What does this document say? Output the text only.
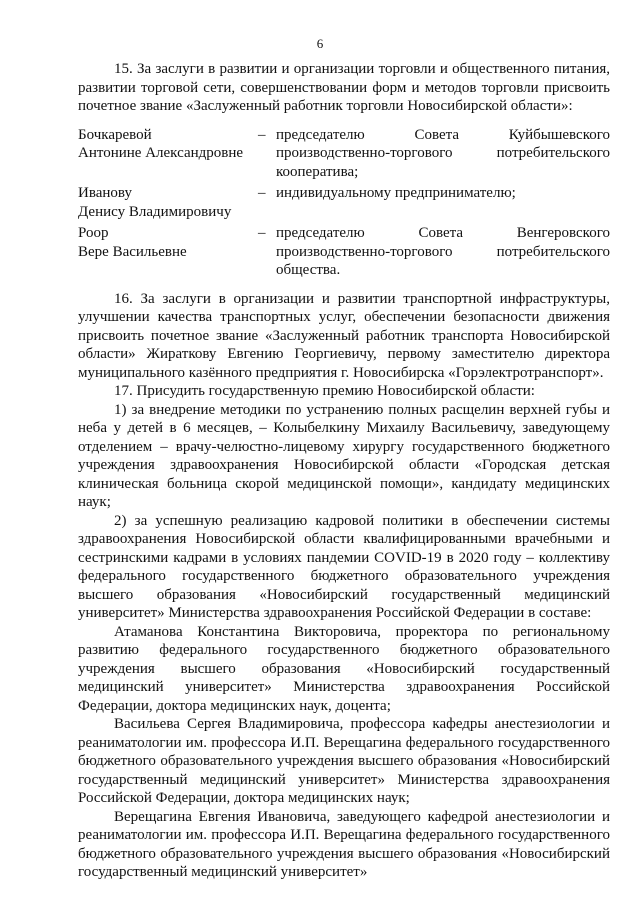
6

15. За заслуги в развитии и организации торговли и общественного питания, развитии торговой сети, совершенствовании форм и методов торговли присвоить почетное звание «Заслуженный работник торговли Новосибирской области»:

Бочкаревой
Антонине Александровне
– председателю Совета Куйбышевского производственно-торгового потребительского кооператива;
Иванову
Денису Владимировичу
– индивидуальному предпринимателю;
Роор
Вере Васильевне
– председателю Совета Венгеровского производственно-торгового потребительского общества.

16. За заслуги в организации и развитии транспортной инфраструктуры, улучшении качества транспортных услуг, обеспечении безопасности движения присвоить почетное звание «Заслуженный работник транспорта Новосибирской области» Жираткову Евгению Георгиевичу, первому заместителю директора муниципального казённого предприятия г. Новосибирска «Горэлектротранспорт».

17. Присудить государственную премию Новосибирской области:

1) за внедрение методики по устранению полных расщелин верхней губы и неба у детей в 6 месяцев, – Колыбелкину Михаилу Васильевичу, заведующему отделением – врачу-челюстно-лицевому хирургу государственного бюджетного учреждения здравоохранения Новосибирской области «Городская детская клиническая больница скорой медицинской помощи», кандидату медицинских наук;

2) за успешную реализацию кадровой политики в обеспечении системы здравоохранения Новосибирской области квалифицированными врачебными и сестринскими кадрами в условиях пандемии COVID-19 в 2020 году – коллективу федерального государственного бюджетного образовательного учреждения высшего образования «Новосибирский государственный медицинский университет» Министерства здравоохранения Российской Федерации в составе:

Атаманова Константина Викторовича, проректора по региональному развитию федерального государственного бюджетного образовательного учреждения высшего образования «Новосибирский государственный медицинский университет» Министерства здравоохранения Российской Федерации, доктора медицинских наук, доцента;

Васильева Сергея Владимировича, профессора кафедры анестезиологии и реаниматологии им. профессора И.П. Верещагина федерального государственного бюджетного образовательного учреждения высшего образования «Новосибирский государственный медицинский университет» Министерства здравоохранения Российской Федерации, доктора медицинских наук;

Верещагина Евгения Ивановича, заведующего кафедрой анестезиологии и реаниматологии им. профессора И.П. Верещагина федерального государственного бюджетного образовательного учреждения высшего образования «Новосибирский государственный медицинский университет»
